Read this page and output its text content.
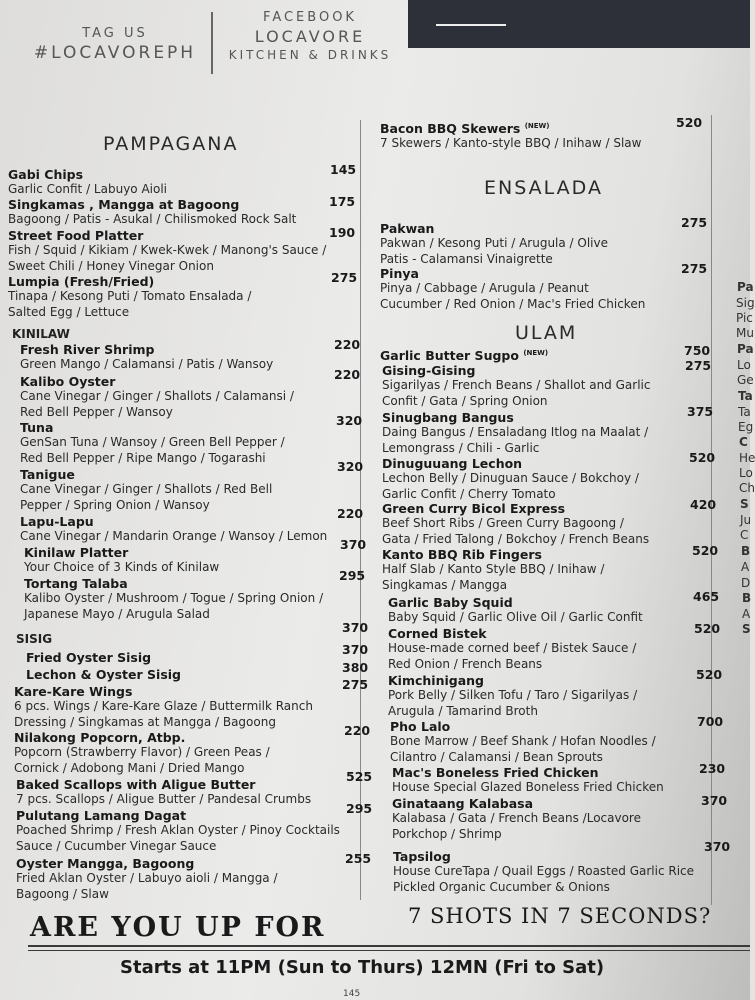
TAG US
#LOCAVOREPH
FACEBOOK
LOCAVORE
KITCHEN & DRINKS
PAMPAGANA
Gabi Chips
Garlic Confit / Labuyo Aioli
145
Singkamas , Mangga at Bagoong
Bagoong / Patis - Asukal / Chilismoked Rock Salt
175
Street Food Platter
Fish / Squid / Kikiam / Kwek-Kwek / Manong's Sauce /
Sweet Chili / Honey Vinegar Onion
190
Lumpia (Fresh/Fried)
Tinapa / Kesong Puti / Tomato Ensalada /
Salted Egg / Lettuce
275
KINILAW
Fresh River Shrimp
Green Mango / Calamansi / Patis / Wansoy
220
Kalibo Oyster
Cane Vinegar / Ginger / Shallots / Calamansi /
Red Bell Pepper / Wansoy
220
Tuna
GenSan Tuna / Wansoy / Green Bell Pepper /
Red Bell Pepper / Ripe Mango / Togarashi
320
Tanigue
Cane Vinegar / Ginger / Shallots / Red Bell
Pepper / Spring Onion / Wansoy
320
Lapu-Lapu
Cane Vinegar / Mandarin Orange / Wansoy / Lemon
220
Kinilaw Platter
Your Choice of 3 Kinds of Kinilaw
370
Tortang Talaba
Kalibo Oyster / Mushroom / Togue / Spring Onion /
Japanese Mayo / Arugula Salad
295
370
SISIG
Fried Oyster Sisig
370
Lechon & Oyster Sisig	380
Kare-Kare Wings
6 pcs. Wings / Kare-Kare Glaze / Buttermilk Ranch
Dressing / Singkamas at Mangga / Bagoong
275
Nilakong Popcorn, Atbp.
Popcorn (Strawberry Flavor) / Green Peas /
Cornick / Adobong Mani / Dried Mango
220
Baked Scallops with Aligue Butter
7 pcs. Scallops / Aligue Butter / Pandesal Crumbs
525
Pulutang Lamang Dagat
Poached Shrimp / Fresh Aklan Oyster / Pinoy Cocktails
Sauce / Cucumber Vinegar Sauce
295
Oyster Mangga, Bagoong
Fried Aklan Oyster / Labuyo aioli / Mangga /
Bagoong / Slaw
255
Bacon BBQ Skewers $^{(NEW)}$
7 Skewers / Kanto-style BBQ / Inihaw / Slaw
520
ENSALADA
Pakwan
Pakwan / Kesong Puti / Arugula / Olive
Patis - Calamansi Vinaigrette
275
Pinya
Pinya / Cabbage / Arugula / Peanut
Cucumber / Red Onion / Mac's Fried Chicken
275
ULAM
Garlic Butter Sugpo $^{(NEW)}$	750
Gising-Gising
Sigarilyas / French Beans / Shallot and Garlic
Confit / Gata / Spring Onion
275
Sinugbang Bangus
Daing Bangus / Ensaladang Itlog na Maalat /
Lemongrass / Chili - Garlic
375
Dinuguuang Lechon
Lechon Belly / Dinuguan Sauce / Bokchoy /
Garlic Confit / Cherry Tomato
520
Green Curry Bicol Express
Beef Short Ribs / Green Curry Bagoong /
Gata / Fried Talong / Bokchoy / French Beans
420
Kanto BBQ Rib Fingers
Half Slab / Kanto Style BBQ / Inihaw /
Singkamas / Mangga
520
Garlic Baby Squid
Baby Squid / Garlic Olive Oil / Garlic Confit
465
Corned Bistek
House-made corned beef / Bistek Sauce /
Red Onion / French Beans
520
Kimchinigang
Pork Belly / Silken Tofu / Taro / Sigarilyas /
Arugula / Tamarind Broth
520
Pho Lalo
Bone Marrow / Beef Shank / Hofan Noodles /
Cilantro / Calamansi / Bean Sprouts
700
Mac's Boneless Fried Chicken
House Special Glazed Boneless Fried Chicken
230
Ginataang Kalabasa
Kalabasa / Gata / French Beans /Locavore
Porkchop / Shrimp
370
Tapsilog
House CureTapa / Quail Eggs / Roasted Garlic Rice
Pickled Organic Cucumber & Onions
370
Pa
Sig
Pic
Mu
Pa
Lo
Ge
Ta
Ta
Eg
C
He
Lo
Ch
S
Ju
C
B
A
D
B
A
S
ARE YOU UP FOR	7 SHOTS IN 7 SECONDS?
Starts at 11PM (Sun to Thurs) 12MN (Fri to Sat)
145
